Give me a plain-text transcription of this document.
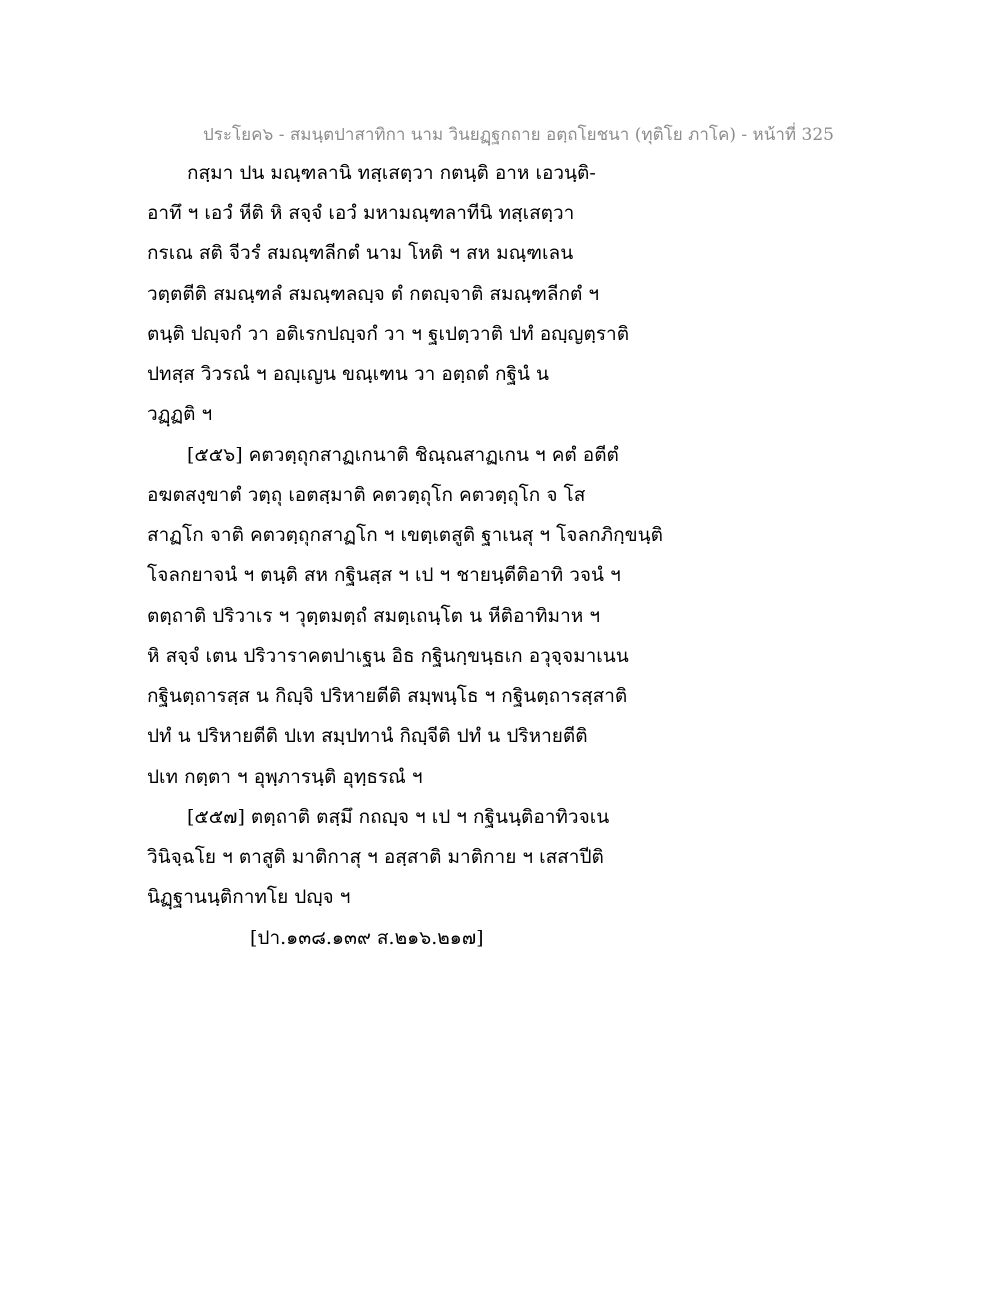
ประโยค๖ - สมนฺตปาสาทิกา นาม วินยฏฺฐกถาย อตฺถโยชนา (ทุติโย ภาโค) - หน้าที่ 325
กสฺมา ปน มณฺฑลานิ ทสฺเสตฺวา กตนฺติ อาห เอวนฺติ-
อาทึ ฯ เอวํ หีติ หิ สจฺจํ เอวํ มหามณฺฑลาทีนิ ทสฺเสตฺวา
กรเณ สติ จีวรํ สมณฺฑลีกตํ นาม โหติ ฯ สห มณฺฑเลน
วตฺตตีติ สมณฺฑลํ สมณฺฑลญฺจ ตํ กตญฺจาติ สมณฺฑลีกตํ ฯ
ตนฺติ ปญฺจกํ วา อติเรกปญฺจกํ วา ฯ ฐเปตฺวาติ ปทํ อญฺญตฺราติ
ปทสฺส วิวรณํ ฯ อญฺเญน ขณฺเฑน วา อตฺถตํ กฐินํ น
วฏฺฏติ ฯ
[๕๕๖] คตวตฺถุกสาฏเกนาติ ชิณฺณสาฏเกน ฯ คตํ อตีตํ
อฆตสงฺขาตํ วตฺถุ เอตสฺมาติ คตวตฺถุโก คตวตฺถุโก จ โส
สาฏโก จาติ คตวตฺถุกสาฏโก ฯ เขตฺเตสูติ ฐาเนสุ ฯ โจลกภิกฺขนฺติ
โจลกยาจนํ ฯ ตนฺติ สห กฐินสฺส ฯ เป ฯ ชายนฺตีติอาทิ วจนํ ฯ
ตตฺถาติ ปริวาเร ฯ วุตฺตมตฺถํ สมตฺเถนฺโต น หีติอาทิมาห ฯ
หิ สจฺจํ เตน ปริวาราคตปาเฐน อิธ กฐินกฺขนฺธเก อวุจฺจมาเนน
กฐินตฺถารสฺส น กิญฺจิ ปริหายตีติ สมฺพนฺโธ ฯ กฐินตฺถารสฺสาติ
ปทํ น ปริหายตีติ ปเท สมฺปทานํ กิญฺจีติ ปทํ น ปริหายตีติ
ปเท กตฺตา ฯ อุพฺภารนฺติ อุทฺธรณํ ฯ
[๕๕๗] ตตฺถาติ ตสฺมึ กถญฺจ ฯ เป ฯ กฐินนฺติอาทิวจเน
วินิจฺฉโย ฯ ตาสูติ มาติกาสุ ฯ อสฺสาติ มาติกาย ฯ เสสาปีติ
นิฏฺฐานนฺติกาทโย ปญฺจ ฯ
[ปา.๑๓๘.๑๓๙ ส.๒๑๖.๒๑๗]
